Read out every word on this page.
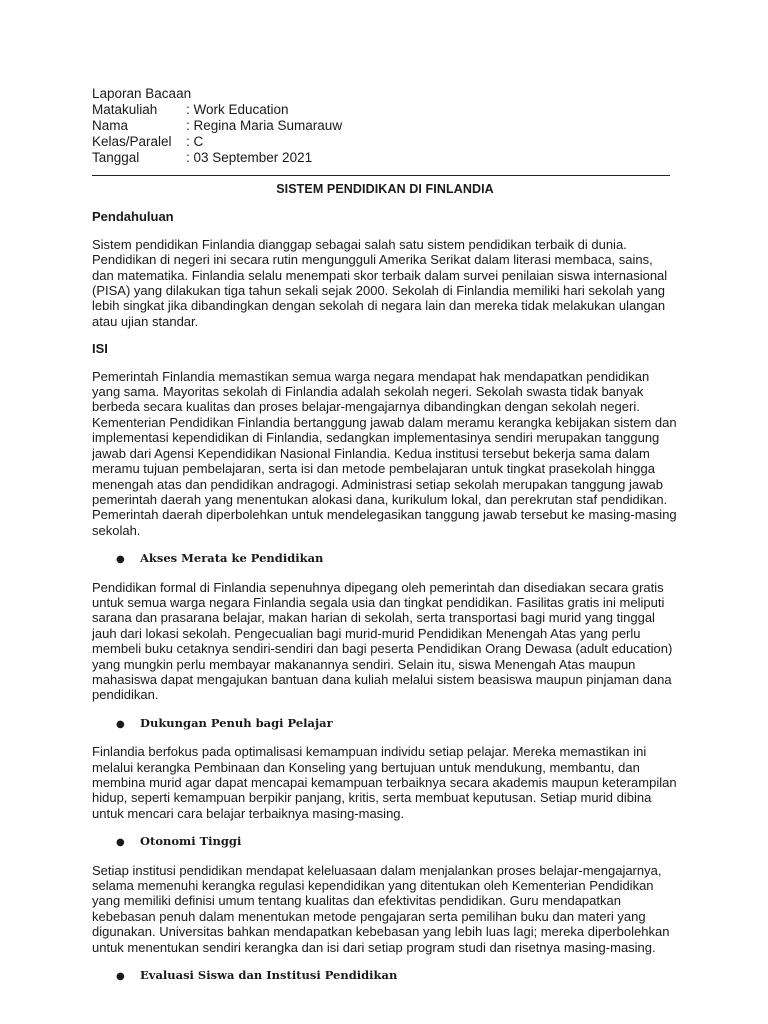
Laporan Bacaan
Matakuliah	: Work Education
Nama	: Regina Maria Sumarauw
Kelas/Paralel	: C
Tanggal	: 03 September 2021
SISTEM PENDIDIKAN DI FINLANDIA
Pendahuluan
Sistem pendidikan Finlandia dianggap sebagai salah satu sistem pendidikan terbaik di dunia. Pendidikan di negeri ini secara rutin mengungguli Amerika Serikat dalam literasi membaca, sains, dan matematika. Finlandia selalu menempati skor terbaik dalam survei penilaian siswa internasional (PISA) yang dilakukan tiga tahun sekali sejak 2000. Sekolah di Finlandia memiliki hari sekolah yang lebih singkat jika dibandingkan dengan sekolah di negara lain dan mereka tidak melakukan ulangan atau ujian standar.
ISI
Pemerintah Finlandia memastikan semua warga negara mendapat hak mendapatkan pendidikan yang sama. Mayoritas sekolah di Finlandia adalah sekolah negeri. Sekolah swasta tidak banyak berbeda secara kualitas dan proses belajar-mengajarnya dibandingkan dengan sekolah negeri. Kementerian Pendidikan Finlandia bertanggung jawab dalam meramu kerangka kebijakan sistem dan implementasi kependidikan di Finlandia, sedangkan implementasinya sendiri merupakan tanggung jawab dari Agensi Kependidikan Nasional Finlandia. Kedua institusi tersebut bekerja sama dalam meramu tujuan pembelajaran, serta isi dan metode pembelajaran untuk tingkat prasekolah hingga menengah atas dan pendidikan andragogi. Administrasi setiap sekolah merupakan tanggung jawab pemerintah daerah yang menentukan alokasi dana, kurikulum lokal, dan perekrutan staf pendidikan. Pemerintah daerah diperbolehkan untuk mendelegasikan tanggung jawab tersebut ke masing-masing sekolah.
●	Akses Merata ke Pendidikan
Pendidikan formal di Finlandia sepenuhnya dipegang oleh pemerintah dan disediakan secara gratis untuk semua warga negara Finlandia segala usia dan tingkat pendidikan. Fasilitas gratis ini meliputi sarana dan prasarana belajar, makan harian di sekolah, serta transportasi bagi murid yang tinggal jauh dari lokasi sekolah. Pengecualian bagi murid-murid Pendidikan Menengah Atas yang perlu membeli buku cetaknya sendiri-sendiri dan bagi peserta Pendidikan Orang Dewasa (adult education) yang mungkin perlu membayar makanannya sendiri. Selain itu, siswa Menengah Atas maupun mahasiswa dapat mengajukan bantuan dana kuliah melalui sistem beasiswa maupun pinjaman dana pendidikan.
●	Dukungan Penuh bagi Pelajar
Finlandia berfokus pada optimalisasi kemampuan individu setiap pelajar. Mereka memastikan ini melalui kerangka Pembinaan dan Konseling yang bertujuan untuk mendukung, membantu, dan membina murid agar dapat mencapai kemampuan terbaiknya secara akademis maupun keterampilan hidup, seperti kemampuan berpikir panjang, kritis, serta membuat keputusan. Setiap murid dibina untuk mencari cara belajar terbaiknya masing-masing.
●	Otonomi Tinggi
Setiap institusi pendidikan mendapat keleluasaan dalam menjalankan proses belajar-mengajarnya, selama memenuhi kerangka regulasi kependidikan yang ditentukan oleh Kementerian Pendidikan yang memiliki definisi umum tentang kualitas dan efektivitas pendidikan. Guru mendapatkan kebebasan penuh dalam menentukan metode pengajaran serta pemilihan buku dan materi yang digunakan. Universitas bahkan mendapatkan kebebasan yang lebih luas lagi; mereka diperbolehkan untuk menentukan sendiri kerangka dan isi dari setiap program studi dan risetnya masing-masing.
●	Evaluasi Siswa dan Institusi Pendidikan
